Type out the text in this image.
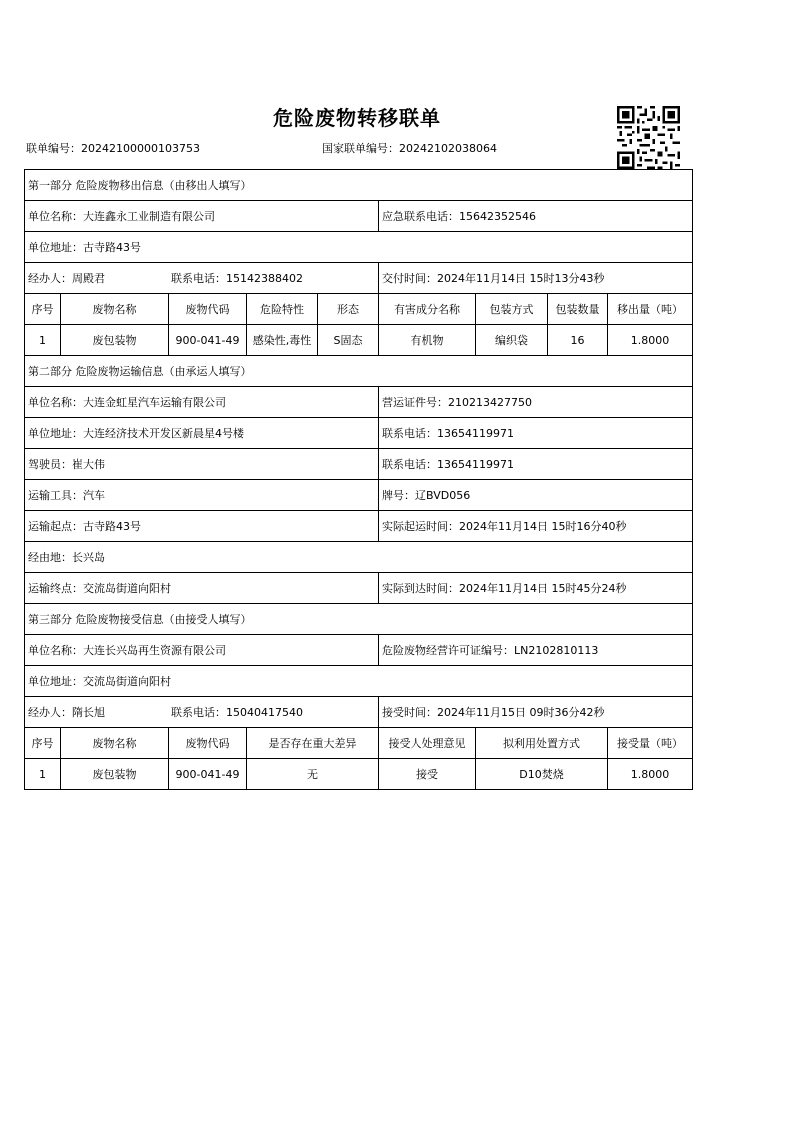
危险废物转移联单
联单编号：20242100000103753	国家联单编号：20242102038064
第一部分 危险废物移出信息（由移出人填写）								
单位名称：大连鑫永工业制造有限公司					应急联系电话：15642352546			
单位地址：古寺路43号								
经办人：周殿君 联系电话：15142388402					交付时间：2024年11月14日 15时13分43秒			
序号	废物名称	废物代码	危险特性	形态	有害成分名称	包装方式	包装数量	移出量（吨）
1	废包装物	900-041-49	感染性,毒性	S固态	有机物	编织袋	16	1.8000
第二部分 危险废物运输信息（由承运人填写）								
单位名称：大连金虹星汽车运输有限公司					营运证件号：210213427750			
单位地址：大连经济技术开发区新晨星4号楼					联系电话：13654119971			
驾驶员：崔大伟					联系电话：13654119971			
运输工具：汽车					牌号：辽BVD056			
运输起点：古寺路43号					实际起运时间：2024年11月14日 15时16分40秒			
经由地：长兴岛								
运输终点：交流岛街道向阳村					实际到达时间：2024年11月14日 15时45分24秒			
第三部分 危险废物接受信息（由接受人填写）								
单位名称：大连长兴岛再生资源有限公司					危险废物经营许可证编号：LN2102810113			
单位地址：交流岛街道向阳村								
经办人：隋长旭 联系电话：15040417540					接受时间：2024年11月15日 09时36分42秒			
序号	废物名称	废物代码	是否存在重大差异		接受人处理意见	拟利用处置方式		接受量（吨）
1	废包装物	900-041-49	无		接受	D10焚烧		1.8000
